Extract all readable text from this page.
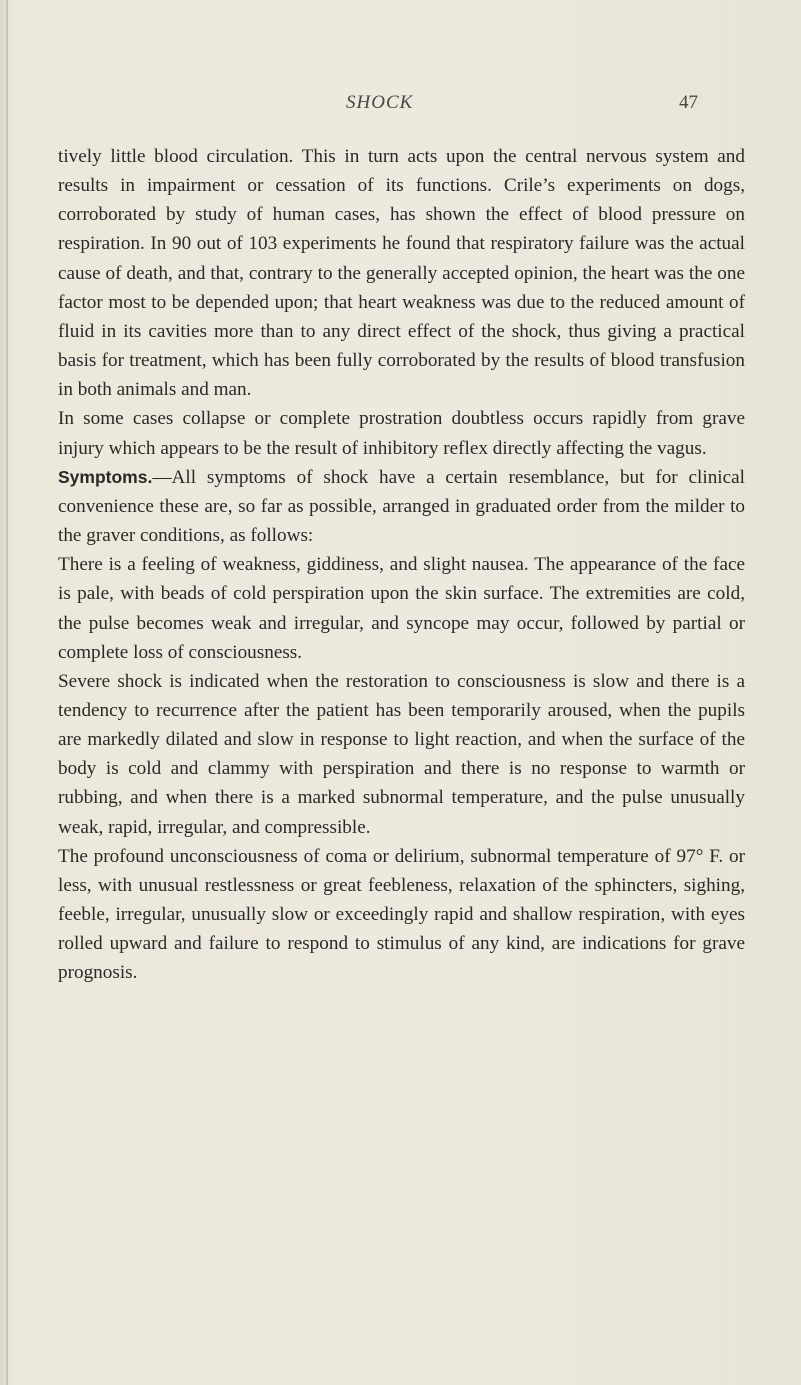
SHOCK	47

tively little blood circulation. This in turn acts upon the central nervous system and results in impairment or cessation of its functions. Crile’s experiments on dogs, corroborated by study of human cases, has shown the effect of blood pressure on respiration. In 90 out of 103 experiments he found that respiratory failure was the actual cause of death, and that, contrary to the generally accepted opinion, the heart was the one factor most to be depended upon; that heart weakness was due to the reduced amount of fluid in its cavities more than to any direct effect of the shock, thus giving a practical basis for treatment, which has been fully corroborated by the results of blood transfusion in both animals and man.

In some cases collapse or complete prostration doubtless occurs rapidly from grave injury which appears to be the result of inhibitory reflex directly affecting the vagus.

Symptoms.—All symptoms of shock have a certain resemblance, but for clinical convenience these are, so far as possible, arranged in graduated order from the milder to the graver conditions, as follows:

There is a feeling of weakness, giddiness, and slight nausea. The appearance of the face is pale, with beads of cold perspiration upon the skin surface. The extremities are cold, the pulse becomes weak and irregular, and syncope may occur, followed by partial or complete loss of consciousness.

Severe shock is indicated when the restoration to consciousness is slow and there is a tendency to recurrence after the patient has been temporarily aroused, when the pupils are markedly dilated and slow in response to light reaction, and when the surface of the body is cold and clammy with perspiration and there is no response to warmth or rubbing, and when there is a marked subnormal temperature, and the pulse unusually weak, rapid, irregular, and compressible.

The profound unconsciousness of coma or delirium, subnormal temperature of 97° F. or less, with unusual restlessness or great feebleness, relaxation of the sphincters, sighing, feeble, irregular, unusually slow or exceedingly rapid and shallow respiration, with eyes rolled upward and failure to respond to stimulus of any kind, are indications for grave prognosis.
